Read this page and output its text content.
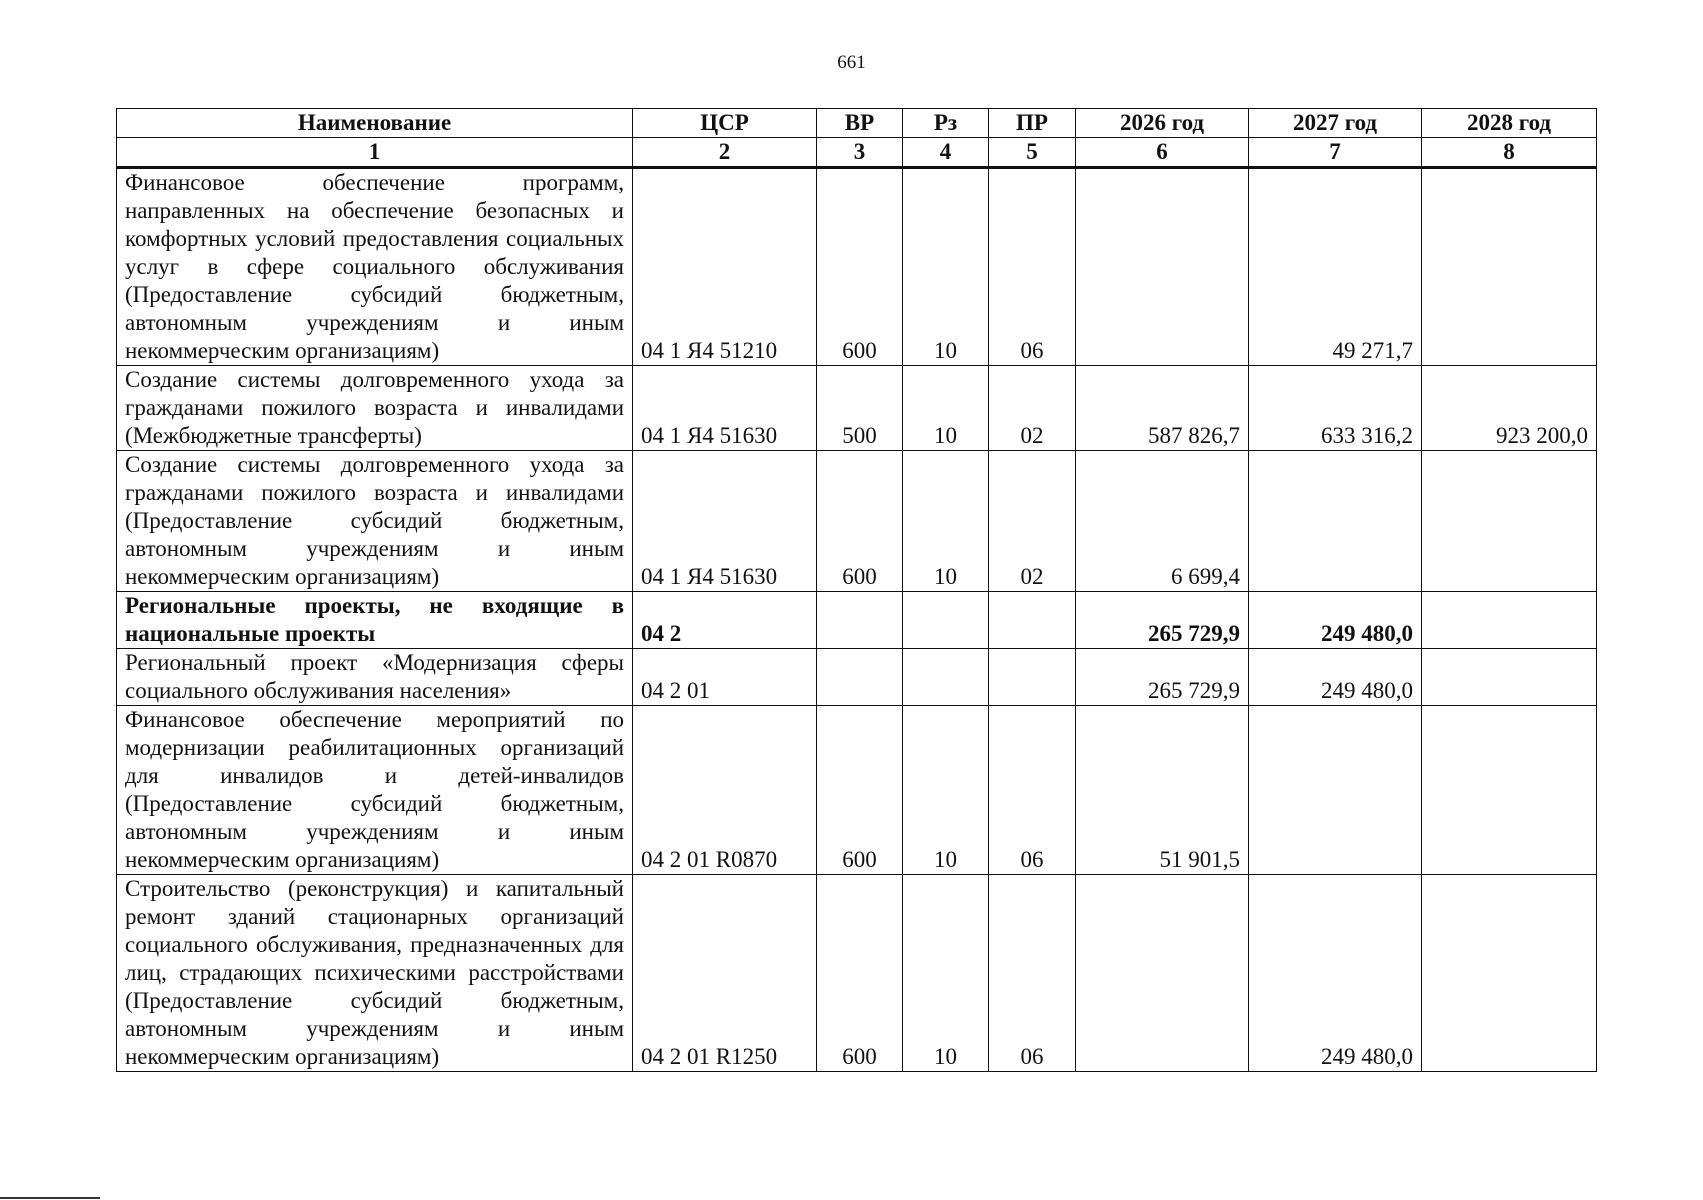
661
Наименование	ЦСР	ВР	Рз	ПР	2026 год	2027 год	2028 год
1	2	3	4	5	6	7	8
Финансовое обеспечение программ, направленных на обеспечение безопасных и комфортных условий предоставления социальных услуг в сфере социального обслуживания (Предоставление субсидий бюджетным, автономным учреждениям и иным некоммерческим организациям)	04 1 Я4 51210	600	10	06		49 271,7	
Создание системы долговременного ухода за гражданами пожилого возраста и инвалидами (Межбюджетные трансферты)	04 1 Я4 51630	500	10	02	587 826,7	633 316,2	923 200,0
Создание системы долговременного ухода за гражданами пожилого возраста и инвалидами (Предоставление субсидий бюджетным, автономным учреждениям и иным некоммерческим организациям)	04 1 Я4 51630	600	10	02	6 699,4		
Региональные проекты, не входящие в национальные проекты	04 2				265 729,9	249 480,0	
Региональный проект «Модернизация сферы социального обслуживания населения»	04 2 01				265 729,9	249 480,0	
Финансовое обеспечение мероприятий по модернизации реабилитационных организаций для инвалидов и детей-инвалидов (Предоставление субсидий бюджетным, автономным учреждениям и иным некоммерческим организациям)	04 2 01 R0870	600	10	06	51 901,5		
Строительство (реконструкция) и капитальный ремонт зданий стационарных организаций социального обслуживания, предназначенных для лиц, страдающих психическими расстройствами (Предоставление субсидий бюджетным, автономным учреждениям и иным некоммерческим организациям)	04 2 01 R1250	600	10	06		249 480,0	
